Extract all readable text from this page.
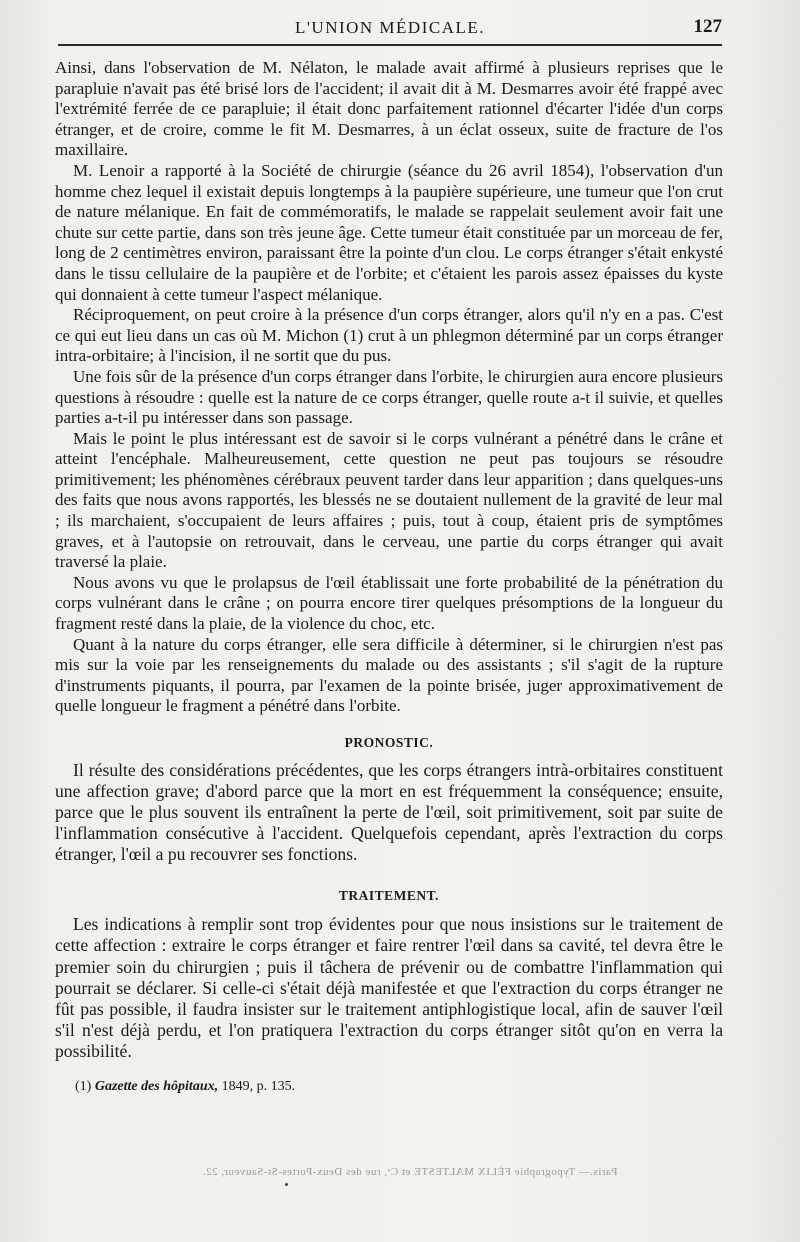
L'UNION MÉDICALE.	127

Ainsi, dans l'observation de M. Nélaton, le malade avait affirmé à plusieurs reprises que le parapluie n'avait pas été brisé lors de l'accident; il avait dit à M. Desmarres avoir été frappé avec l'extrémité ferrée de ce parapluie; il était donc parfaitement rationnel d'écarter l'idée d'un corps étranger, et de croire, comme le fit M. Desmarres, à un éclat osseux, suite de fracture de l'os maxillaire.

M. Lenoir a rapporté à la Société de chirurgie (séance du 26 avril 1854), l'observation d'un homme chez lequel il existait depuis longtemps à la paupière supérieure, une tumeur que l'on crut de nature mélanique. En fait de commémoratifs, le malade se rappelait seulement avoir fait une chute sur cette partie, dans son très jeune âge. Cette tumeur était constituée par un morceau de fer, long de 2 centimètres environ, paraissant être la pointe d'un clou. Le corps étranger s'était enkysté dans le tissu cellulaire de la paupière et de l'orbite; et c'étaient les parois assez épaisses du kyste qui donnaient à cette tumeur l'aspect mélanique.

Réciproquement, on peut croire à la présence d'un corps étranger, alors qu'il n'y en a pas. C'est ce qui eut lieu dans un cas où M. Michon (1) crut à un phlegmon déterminé par un corps étranger intra-orbitaire; à l'incision, il ne sortit que du pus.

Une fois sûr de la présence d'un corps étranger dans l'orbite, le chirurgien aura encore plusieurs questions à résoudre : quelle est la nature de ce corps étranger, quelle route a-t il suivie, et quelles parties a-t-il pu intéresser dans son passage.

Mais le point le plus intéressant est de savoir si le corps vulnérant a pénétré dans le crâne et atteint l'encéphale. Malheureusement, cette question ne peut pas toujours se résoudre primitivement; les phénomènes cérébraux peuvent tarder dans leur apparition ; dans quelques-uns des faits que nous avons rapportés, les blessés ne se doutaient nullement de la gravité de leur mal ; ils marchaient, s'occupaient de leurs affaires ; puis, tout à coup, étaient pris de symptômes graves, et à l'autopsie on retrouvait, dans le cerveau, une partie du corps étranger qui avait traversé la plaie.

Nous avons vu que le prolapsus de l'œil établissait une forte probabilité de la pénétration du corps vulnérant dans le crâne ; on pourra encore tirer quelques présomptions de la longueur du fragment resté dans la plaie, de la violence du choc, etc.

Quant à la nature du corps étranger, elle sera difficile à déterminer, si le chirurgien n'est pas mis sur la voie par les renseignements du malade ou des assistants ; s'il s'agit de la rupture d'instruments piquants, il pourra, par l'examen de la pointe brisée, juger approximativement de quelle longueur le fragment a pénétré dans l'orbite.

PRONOSTIC.

Il résulte des considérations précédentes, que les corps étrangers intrà-orbitaires constituent une affection grave; d'abord parce que la mort en est fréquemment la conséquence; ensuite, parce que le plus souvent ils entraînent la perte de l'œil, soit primitivement, soit par suite de l'inflammation consécutive à l'accident. Quelquefois cependant, après l'extraction du corps étranger, l'œil a pu recouvrer ses fonctions.

TRAITEMENT.

Les indications à remplir sont trop évidentes pour que nous insistions sur le traitement de cette affection : extraire le corps étranger et faire rentrer l'œil dans sa cavité, tel devra être le premier soin du chirurgien ; puis il tâchera de prévenir ou de combattre l'inflammation qui pourrait se déclarer. Si celle-ci s'était déjà manifestée et que l'extraction du corps étranger ne fût pas possible, il faudra insister sur le traitement antiphlogistique local, afin de sauver l'œil s'il n'est déjà perdu, et l'on pratiquera l'extraction du corps étranger sitôt qu'on en verra la possibilité.

(1) Gazette des hôpitaux, 1849, p. 135.
Paris.— Typographie FÉLIX MALTESTE et Cᵉ, rue des Deux-Portes-St-Sauveur, 22.
